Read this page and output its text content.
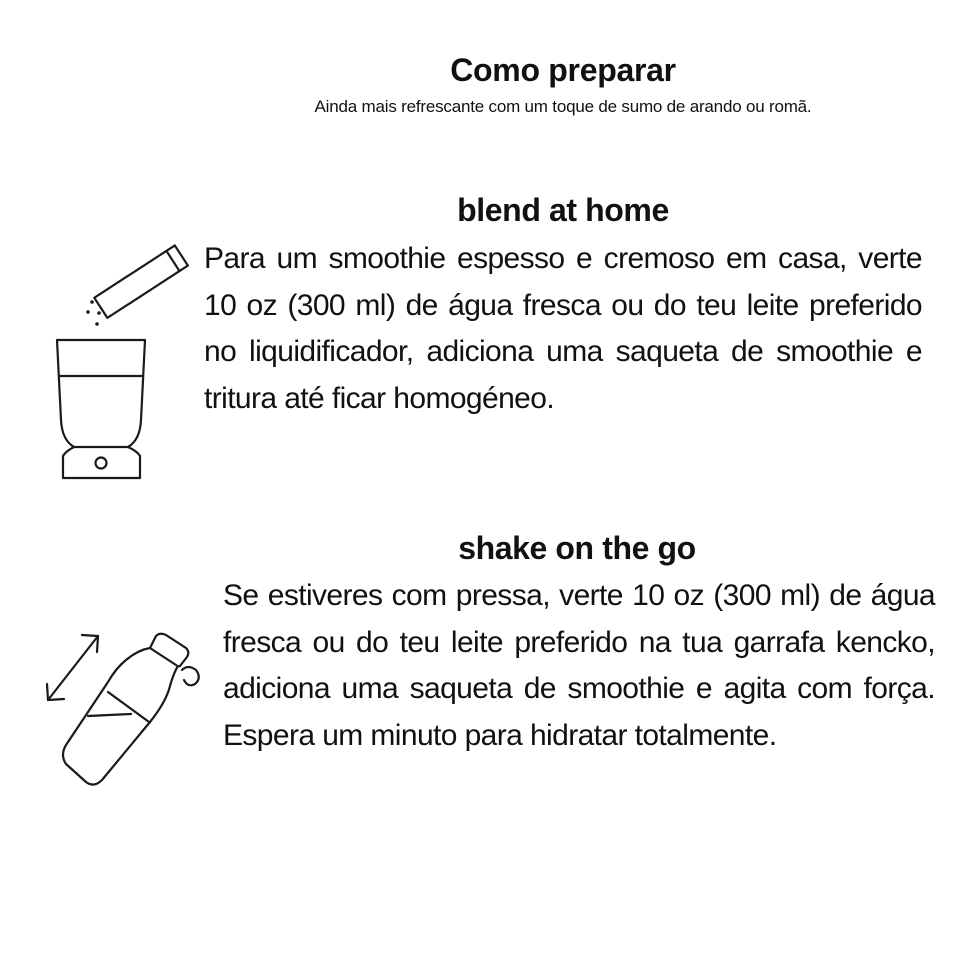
Como preparar
Ainda mais refrescante com um toque de sumo de arando ou romã.
blend at home
Para um smoothie espesso e cremoso em casa, verte 10 oz (300 ml) de água fresca ou do teu leite preferido no liquidificador, adiciona uma saqueta de smoothie e tritura até ficar homogéneo.
shake on the go
Se estiveres com pressa, verte 10 oz (300 ml) de água fresca ou do teu leite preferido na tua garrafa kencko, adiciona uma saqueta de smoothie e agita com força. Espera um minuto para hidratar totalmente.
